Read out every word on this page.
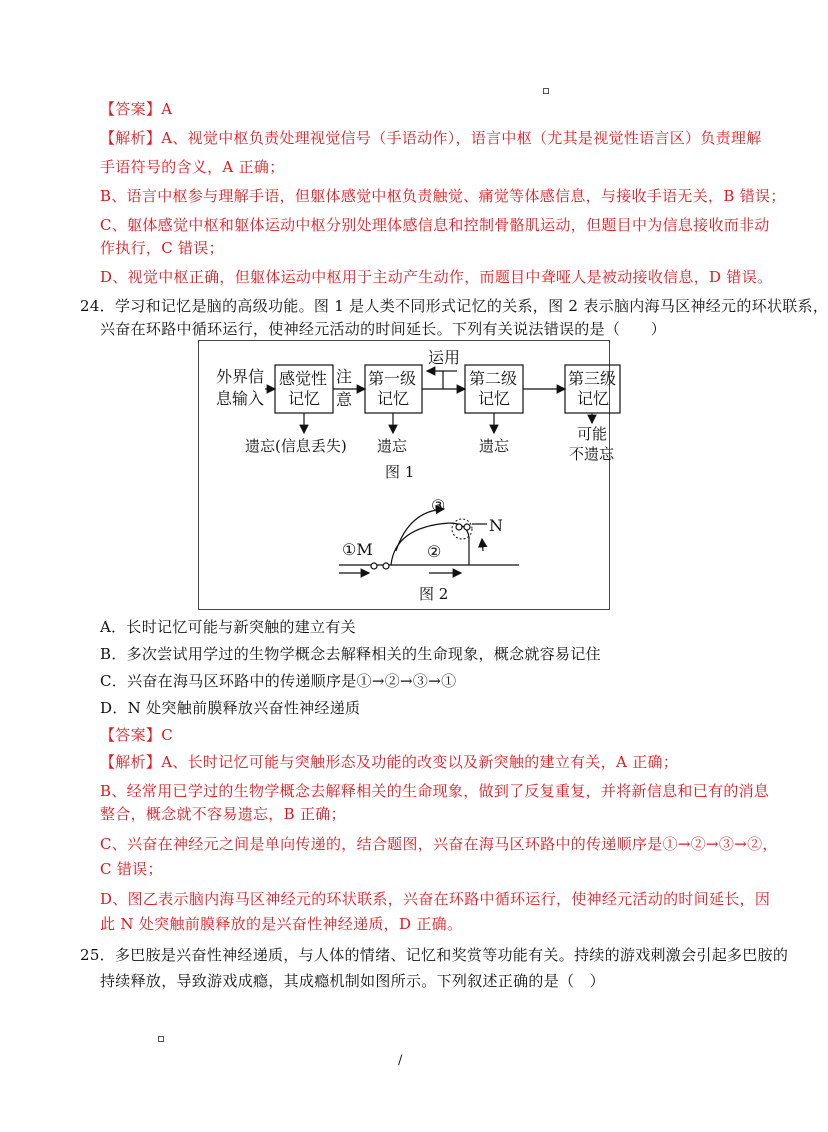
【答案】A
【解析】A、视觉中枢负责处理视觉信号（手语动作），语言中枢（尤其是视觉性语言区）负责理解
手语符号的含义，A 正确；
B、语言中枢参与理解手语，但躯体感觉中枢负责触觉、痛觉等体感信息，与接收手语无关，B 错误；
C、躯体感觉中枢和躯体运动中枢分别处理体感信息和控制骨骼肌运动，但题目中为信息接收而非动
作执行，C 错误；
D、视觉中枢正确，但躯体运动中枢用于主动产生动作，而题目中聋哑人是被动接收信息，D 错误。
24．学习和记忆是脑的高级功能。图 1 是人类不同形式记忆的关系，图 2 表示脑内海马区神经元的环状联系，
兴奋在环路中循环运行，使神经元活动的时间延长。下列有关说法错误的是（　　）
外界信
息输入
感觉性
记忆
注
意
第一级
记忆
运用
第二级
记忆
第三级
记忆
遗忘(信息丢失) 遗忘	遗忘
可能
不遗忘
图 1
①M
N
②
③
图 2
A．长时记忆可能与新突触的建立有关
B．多次尝试用学过的生物学概念去解释相关的生命现象，概念就容易记住
C．兴奋在海马区环路中的传递顺序是①→②→③→①
D．N 处突触前膜释放兴奋性神经递质
【答案】C
【解析】A、长时记忆可能与突触形态及功能的改变以及新突触的建立有关，A 正确；
B、经常用已学过的生物学概念去解释相关的生命现象，做到了反复重复，并将新信息和已有的消息
整合，概念就不容易遗忘，B 正确；
C、兴奋在神经元之间是单向传递的，结合题图，兴奋在海马区环路中的传递顺序是①→②→③→②，
C 错误；
D、图乙表示脑内海马区神经元的环状联系，兴奋在环路中循环运行，使神经元活动的时间延长，因
此 N 处突触前膜释放的是兴奋性神经递质，D 正确。
25．多巴胺是兴奋性神经递质，与人体的情绪、记忆和奖赏等功能有关。持续的游戏刺激会引起多巴胺的
持续释放，导致游戏成瘾，其成瘾机制如图所示。下列叙述正确的是（　）
/
